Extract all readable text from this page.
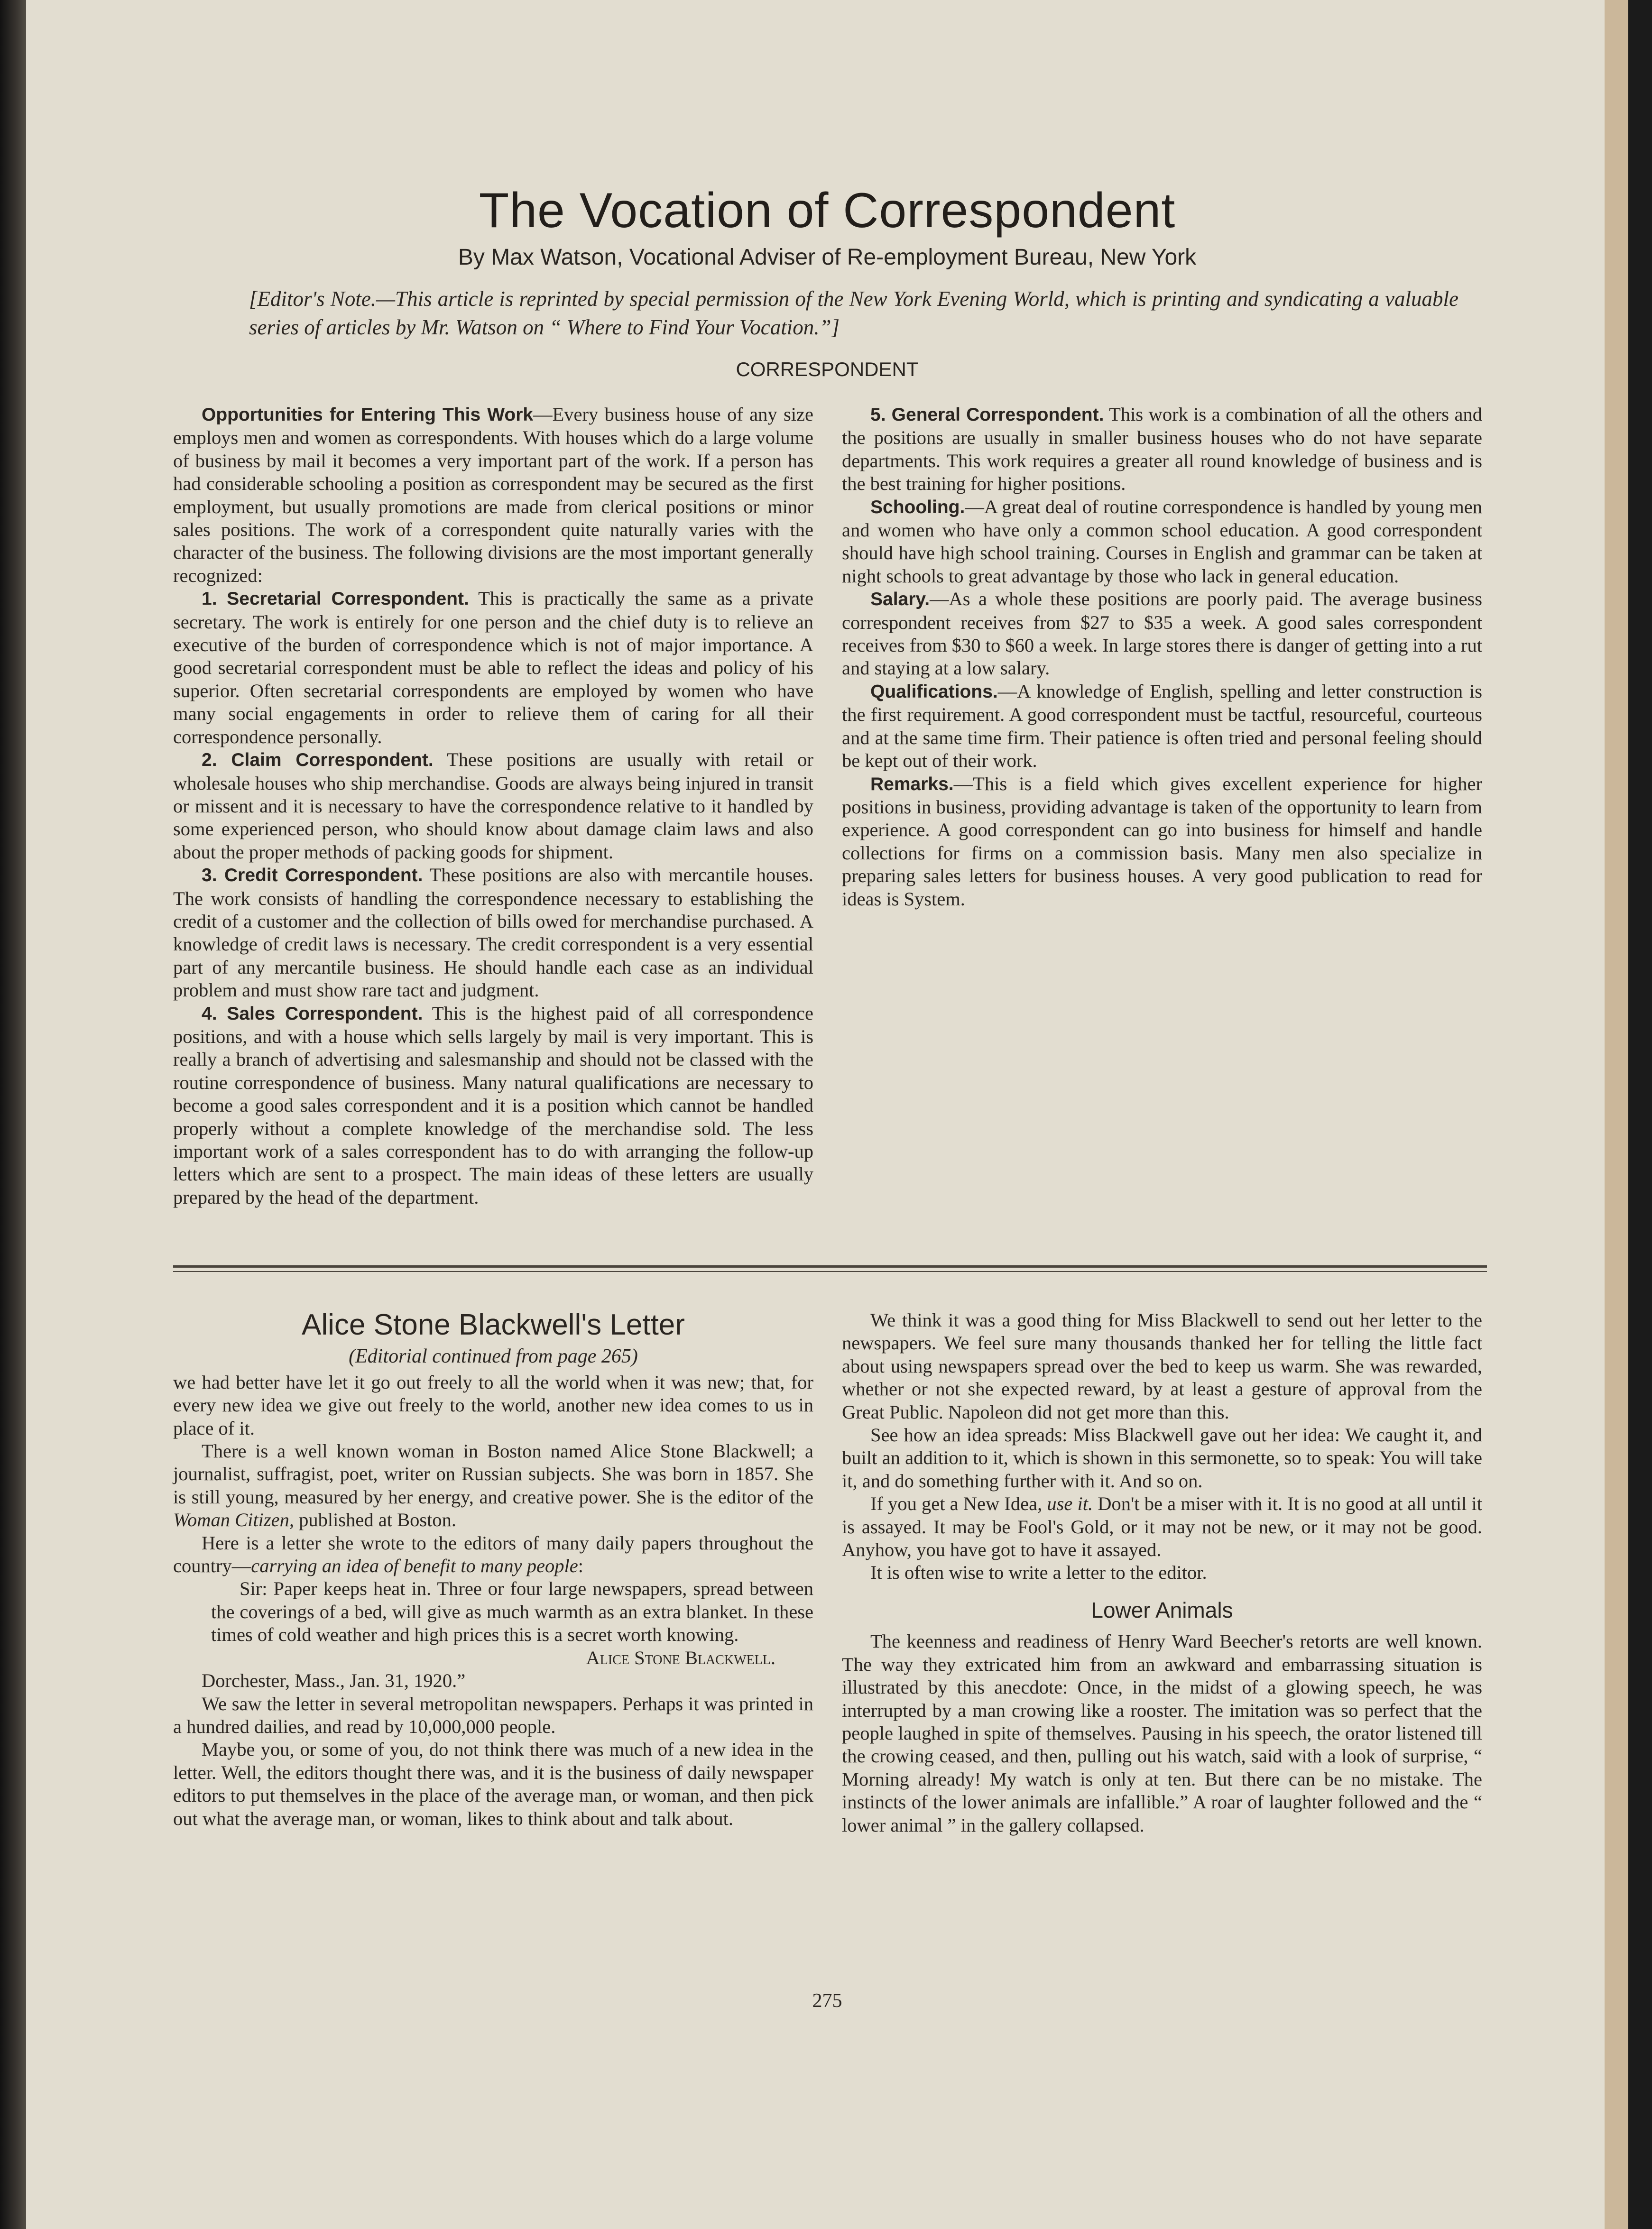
The Vocation of Correspondent
By Max Watson, Vocational Adviser of Re-employment Bureau, New York
[Editor's Note.—This article is reprinted by special permission of the New York Evening World, which is printing and syndicating a valuable series of articles by Mr. Watson on “ Where to Find Your Vocation.”]
CORRESPONDENT

Opportunities for Entering This Work—Every business house of any size employs men and women as correspondents. With houses which do a large volume of business by mail it becomes a very important part of the work. If a person has had considerable schooling a position as correspondent may be secured as the first employment, but usually promotions are made from clerical positions or minor sales positions. The work of a correspondent quite naturally varies with the character of the business. The following divisions are the most important generally recognized:

1. Secretarial Correspondent. This is practically the same as a private secretary. The work is entirely for one person and the chief duty is to relieve an executive of the burden of correspondence which is not of major importance. A good secretarial correspondent must be able to reflect the ideas and policy of his superior. Often secretarial correspondents are employed by women who have many social engagements in order to relieve them of caring for all their correspondence personally.

2. Claim Correspondent. These positions are usually with retail or wholesale houses who ship merchandise. Goods are always being injured in transit or missent and it is necessary to have the correspondence relative to it handled by some experienced person, who should know about damage claim laws and also about the proper methods of packing goods for shipment.

3. Credit Correspondent. These positions are also with mercantile houses. The work consists of handling the correspondence necessary to establishing the credit of a customer and the collection of bills owed for merchandise purchased. A knowledge of credit laws is necessary. The credit correspondent is a very essential part of any mercantile business. He should handle each case as an individual problem and must show rare tact and judgment.

4. Sales Correspondent. This is the highest paid of all correspondence positions, and with a house which sells largely by mail is very important. This is really a branch of advertising and salesmanship and should not be classed with the routine correspondence of business. Many natural qualifications are necessary to become a good sales correspondent and it is a position which cannot be handled properly without a complete knowledge of the merchandise sold. The less important work of a sales correspondent has to do with arranging the follow-up letters which are sent to a prospect. The main ideas of these letters are usually prepared by the head of the department.

5. General Correspondent. This work is a combination of all the others and the positions are usually in smaller business houses who do not have separate departments. This work requires a greater all round knowledge of business and is the best training for higher positions.

Schooling.—A great deal of routine correspondence is handled by young men and women who have only a common school education. A good correspondent should have high school training. Courses in English and grammar can be taken at night schools to great advantage by those who lack in general education.

Salary.—As a whole these positions are poorly paid. The average business correspondent receives from $27 to $35 a week. A good sales correspondent receives from $30 to $60 a week. In large stores there is danger of getting into a rut and staying at a low salary.

Qualifications.—A knowledge of English, spelling and letter construction is the first requirement. A good correspondent must be tactful, resourceful, courteous and at the same time firm. Their patience is often tried and personal feeling should be kept out of their work.

Remarks.—This is a field which gives excellent experience for higher positions in business, providing advantage is taken of the opportunity to learn from experience. A good correspondent can go into business for himself and handle collections for firms on a commission basis. Many men also specialize in preparing sales letters for business houses. A very good publication to read for ideas is System.

Alice Stone Blackwell's Letter

(Editorial continued from page 265)

we had better have let it go out freely to all the world when it was new; that, for every new idea we give out freely to the world, another new idea comes to us in place of it.

There is a well known woman in Boston named Alice Stone Blackwell; a journalist, suffragist, poet, writer on Russian subjects. She was born in 1857. She is still young, measured by her energy, and creative power. She is the editor of the Woman Citizen, published at Boston.

Here is a letter she wrote to the editors of many daily papers throughout the country—carrying an idea of benefit to many people:

Sir: Paper keeps heat in. Three or four large newspapers, spread between the coverings of a bed, will give as much warmth as an extra blanket. In these times of cold weather and high prices this is a secret worth knowing.

Alice Stone Blackwell.

Dorchester, Mass., Jan. 31, 1920.”

We saw the letter in several metropolitan newspapers. Perhaps it was printed in a hundred dailies, and read by 10,000,000 people.

Maybe you, or some of you, do not think there was much of a new idea in the letter. Well, the editors thought there was, and it is the business of daily newspaper editors to put themselves in the place of the average man, or woman, and then pick out what the average man, or woman, likes to think about and talk about.

We think it was a good thing for Miss Blackwell to send out her letter to the newspapers. We feel sure many thousands thanked her for telling the little fact about using newspapers spread over the bed to keep us warm. She was rewarded, whether or not she expected reward, by at least a gesture of approval from the Great Public. Napoleon did not get more than this.

See how an idea spreads: Miss Blackwell gave out her idea: We caught it, and built an addition to it, which is shown in this sermonette, so to speak: You will take it, and do something further with it. And so on.

If you get a New Idea, use it. Don't be a miser with it. It is no good at all until it is assayed. It may be Fool's Gold, or it may not be new, or it may not be good. Anyhow, you have got to have it assayed.

It is often wise to write a letter to the editor.

Lower Animals

The keenness and readiness of Henry Ward Beecher's retorts are well known. The way they extricated him from an awkward and embarrassing situation is illustrated by this anecdote: Once, in the midst of a glowing speech, he was interrupted by a man crowing like a rooster. The imitation was so perfect that the people laughed in spite of themselves. Pausing in his speech, the orator listened till the crowing ceased, and then, pulling out his watch, said with a look of surprise, “ Morning already! My watch is only at ten. But there can be no mistake. The instincts of the lower animals are infallible.” A roar of laughter followed and the “ lower animal ” in the gallery collapsed.

275
